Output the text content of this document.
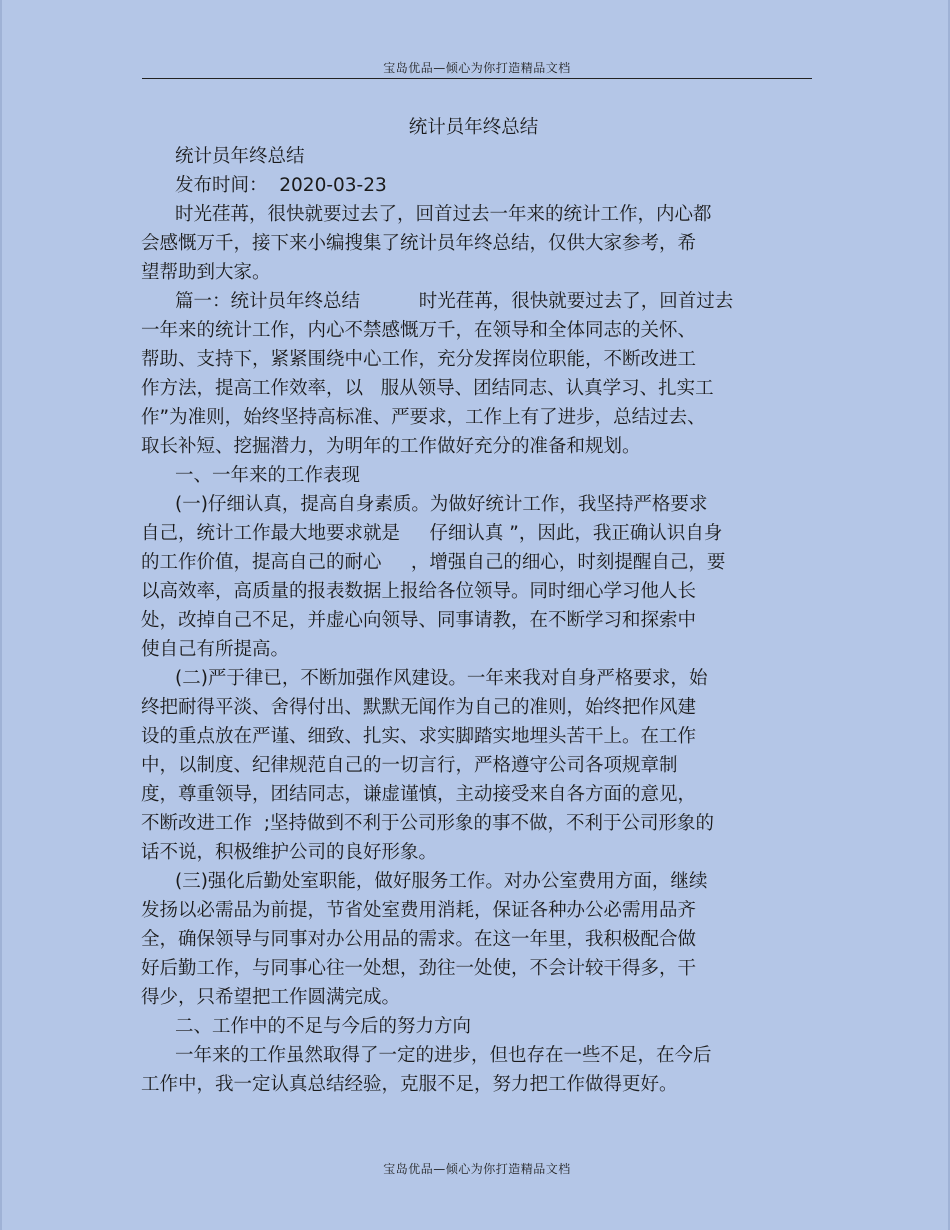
宝岛优品—倾心为你打造精品文档

统计员年终总结

统计员年终总结

发布时间：  2020-03-23

时光荏苒，很快就要过去了，回首过去一年来的统计工作，内心都

会感慨万千，接下来小编搜集了统计员年终总结，仅供大家参考，希

望帮助到大家。

篇一：统计员年终总结          时光荏苒，很快就要过去了，回首过去

一年来的统计工作，内心不禁感慨万千，在领导和全体同志的关怀、

帮助、支持下，紧紧围绕中心工作，充分发挥岗位职能，不断改进工

作方法，提高工作效率，以   服从领导、团结同志、认真学习、扎实工

作”为准则，始终坚持高标准、严要求，工作上有了进步，总结过去、

取长补短、挖掘潜力，为明年的工作做好充分的准备和规划。

一、一年来的工作表现

(一)仔细认真，提高自身素质。为做好统计工作，我坚持严格要求

自己，统计工作最大地要求就是     仔细认真 ”，因此，我正确认识自身

的工作价值，提高自己的耐心     ，增强自己的细心，时刻提醒自己，要

以高效率，高质量的报表数据上报给各位领导。同时细心学习他人长

处，改掉自己不足，并虚心向领导、同事请教，在不断学习和探索中

使自己有所提高。

(二)严于律已，不断加强作风建设。一年来我对自身严格要求，始

终把耐得平淡、舍得付出、默默无闻作为自己的准则，始终把作风建

设的重点放在严谨、细致、扎实、求实脚踏实地埋头苦干上。在工作

中，以制度、纪律规范自己的一切言行，严格遵守公司各项规章制

度，尊重领导，团结同志，谦虚谨慎，主动接受来自各方面的意见，

不断改进工作  ;坚持做到不利于公司形象的事不做，不利于公司形象的

话不说，积极维护公司的良好形象。

(三)强化后勤处室职能，做好服务工作。对办公室费用方面，继续

发扬以必需品为前提，节省处室费用消耗，保证各种办公必需用品齐

全，确保领导与同事对办公用品的需求。在这一年里，我积极配合做

好后勤工作，与同事心往一处想，劲往一处使，不会计较干得多，干

得少，只希望把工作圆满完成。

二、工作中的不足与今后的努力方向

一年来的工作虽然取得了一定的进步，但也存在一些不足，在今后

工作中，我一定认真总结经验，克服不足，努力把工作做得更好。

宝岛优品—倾心为你打造精品文档
